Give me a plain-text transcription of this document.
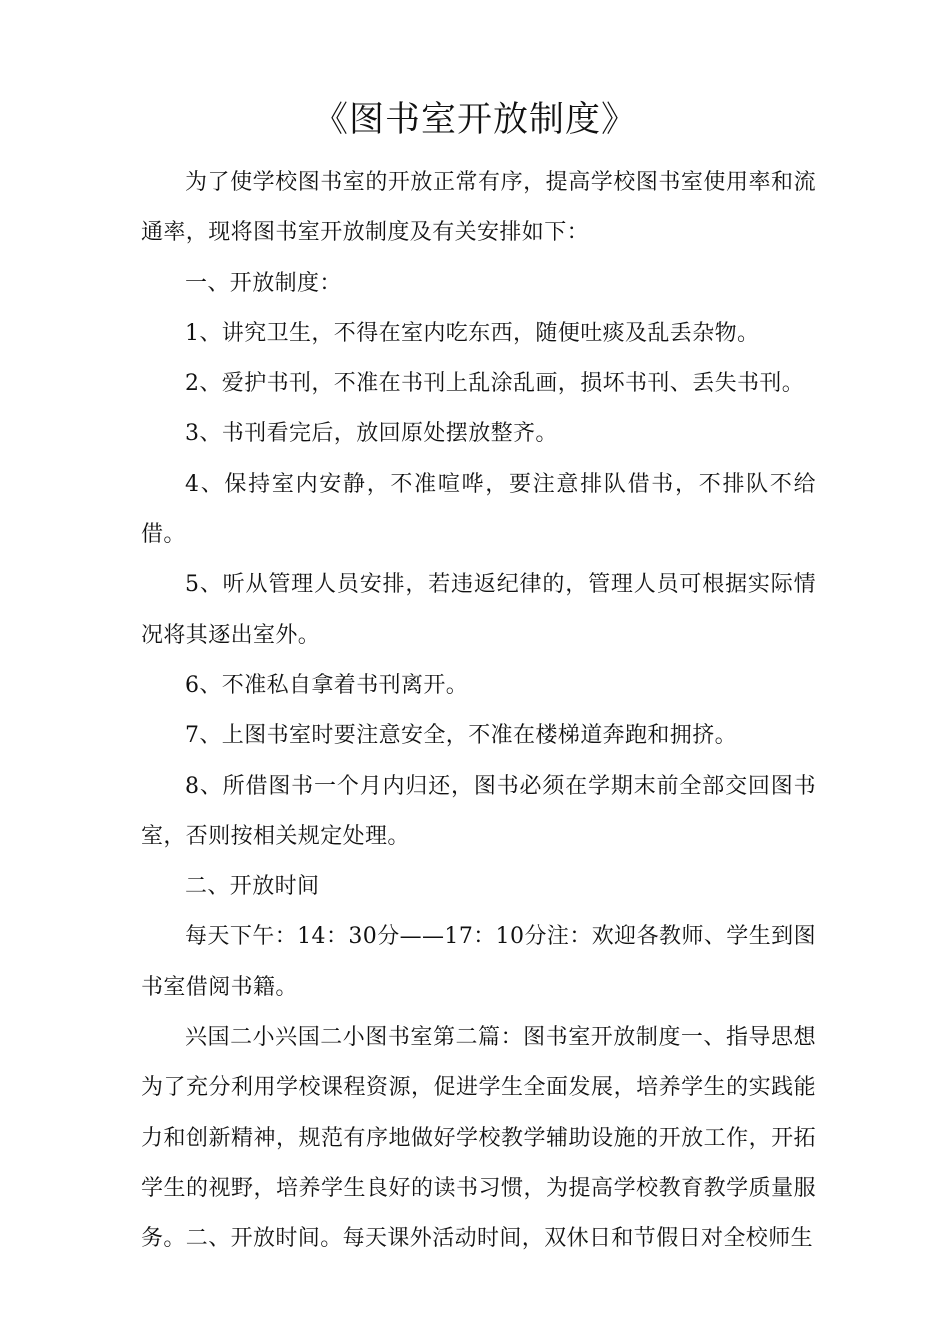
《图书室开放制度》

为了使学校图书室的开放正常有序，提高学校图书室使用率和流通率，现将图书室开放制度及有关安排如下：

一、开放制度：

1、讲究卫生，不得在室内吃东西，随便吐痰及乱丢杂物。

2、爱护书刊，不准在书刊上乱涂乱画，损坏书刊、丢失书刊。

3、书刊看完后，放回原处摆放整齐。

4、保持室内安静，不准喧哗，要注意排队借书，不排队不给借。

5、听从管理人员安排，若违返纪律的，管理人员可根据实际情况将其逐出室外。

6、不准私自拿着书刊离开。

7、上图书室时要注意安全，不准在楼梯道奔跑和拥挤。

8、所借图书一个月内归还，图书必须在学期末前全部交回图书室，否则按相关规定处理。

二、开放时间

每天下午：14：30分——17：10分注：欢迎各教师、学生到图书室借阅书籍。

兴国二小兴国二小图书室第二篇：图书室开放制度一、指导思想为了充分利用学校课程资源，促进学生全面发展，培养学生的实践能力和创新精神，规范有序地做好学校教学辅助设施的开放工作，开拓学生的视野，培养学生良好的读书习惯，为提高学校教育教学质量服务。二、开放时间。每天课外活动时间，双休日和节假日对全校师生
